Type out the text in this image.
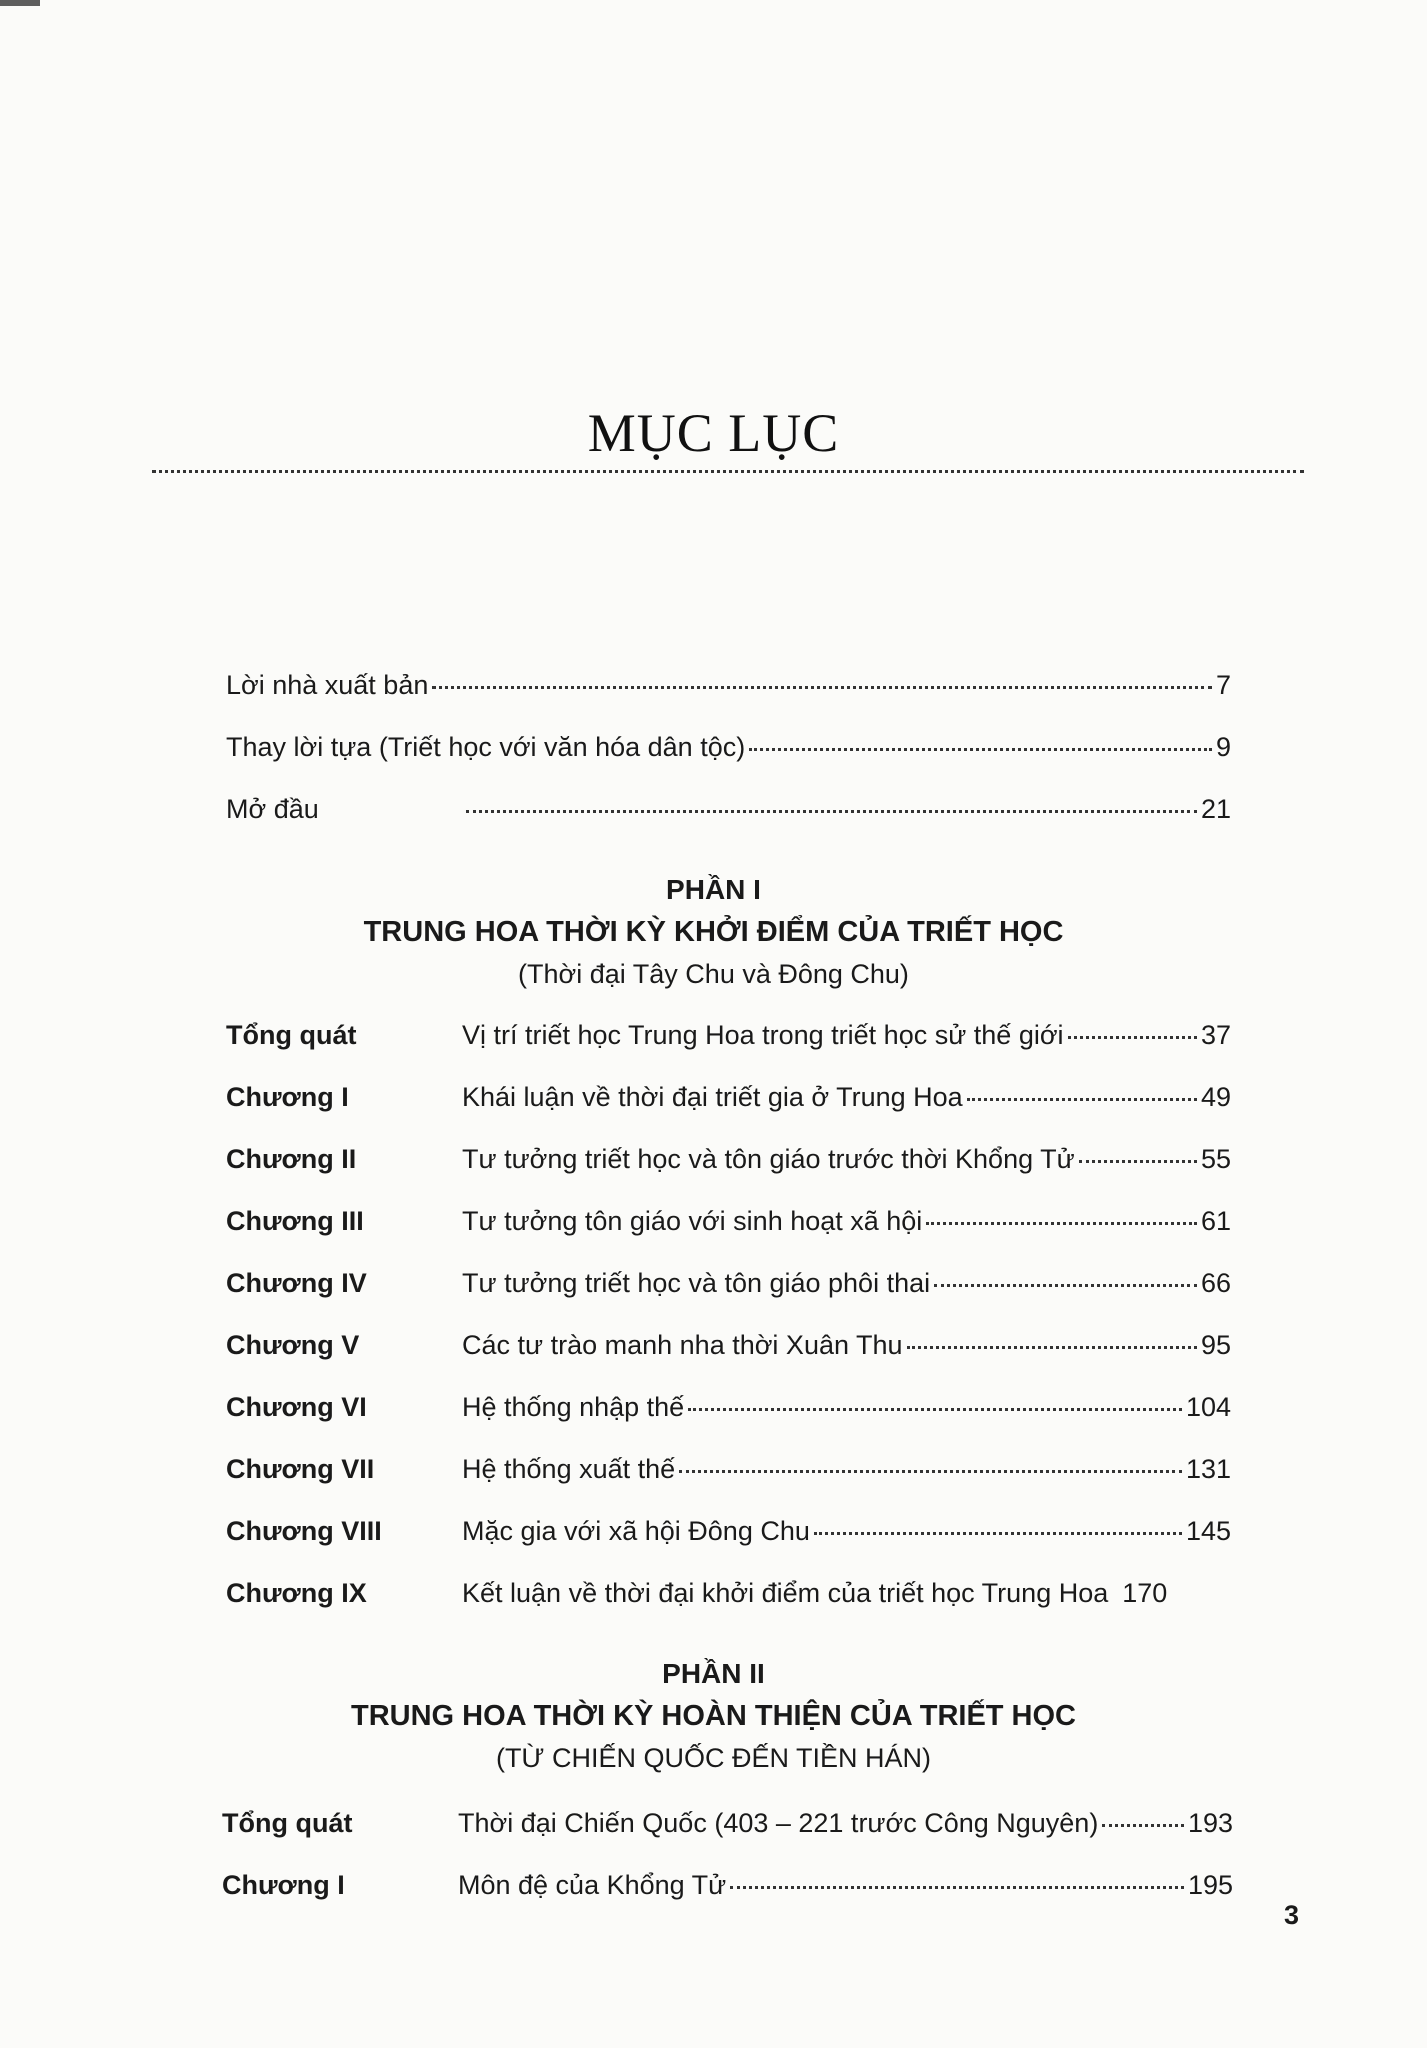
MỤC LỤC
Lời nhà xuất bản	7
Thay lời tựa (Triết học với văn hóa dân tộc)	9
Mở đầu	21
PHẦN I
TRUNG HOA THỜI KỲ KHỞI ĐIỂM CỦA TRIẾT HỌC
(Thời đại Tây Chu và Đông Chu)
Tổng quát	Vị trí triết học Trung Hoa trong triết học sử thế giới	37
Chương I	Khái luận về thời đại triết gia ở Trung Hoa	49
Chương II	Tư tưởng triết học và tôn giáo trước thời Khổng Tử	55
Chương III	Tư tưởng tôn giáo với sinh hoạt xã hội	61
Chương IV	Tư tưởng triết học và tôn giáo phôi thai	66
Chương V	Các tư trào manh nha thời Xuân Thu	95
Chương VI	Hệ thống nhập thế	104
Chương VII	Hệ thống xuất thế	131
Chương VIII	Mặc gia với xã hội Đông Chu	145
Chương IX	Kết luận về thời đại khởi điểm của triết học Trung Hoa 170
PHẦN II
TRUNG HOA THỜI KỲ HOÀN THIỆN CỦA TRIẾT HỌC
(TỪ CHIẾN QUỐC ĐẾN TIỀN HÁN)
Tổng quát	Thời đại Chiến Quốc (403 – 221 trước Công Nguyên)	193
Chương I	Môn đệ của Khổng Tử	195
3
